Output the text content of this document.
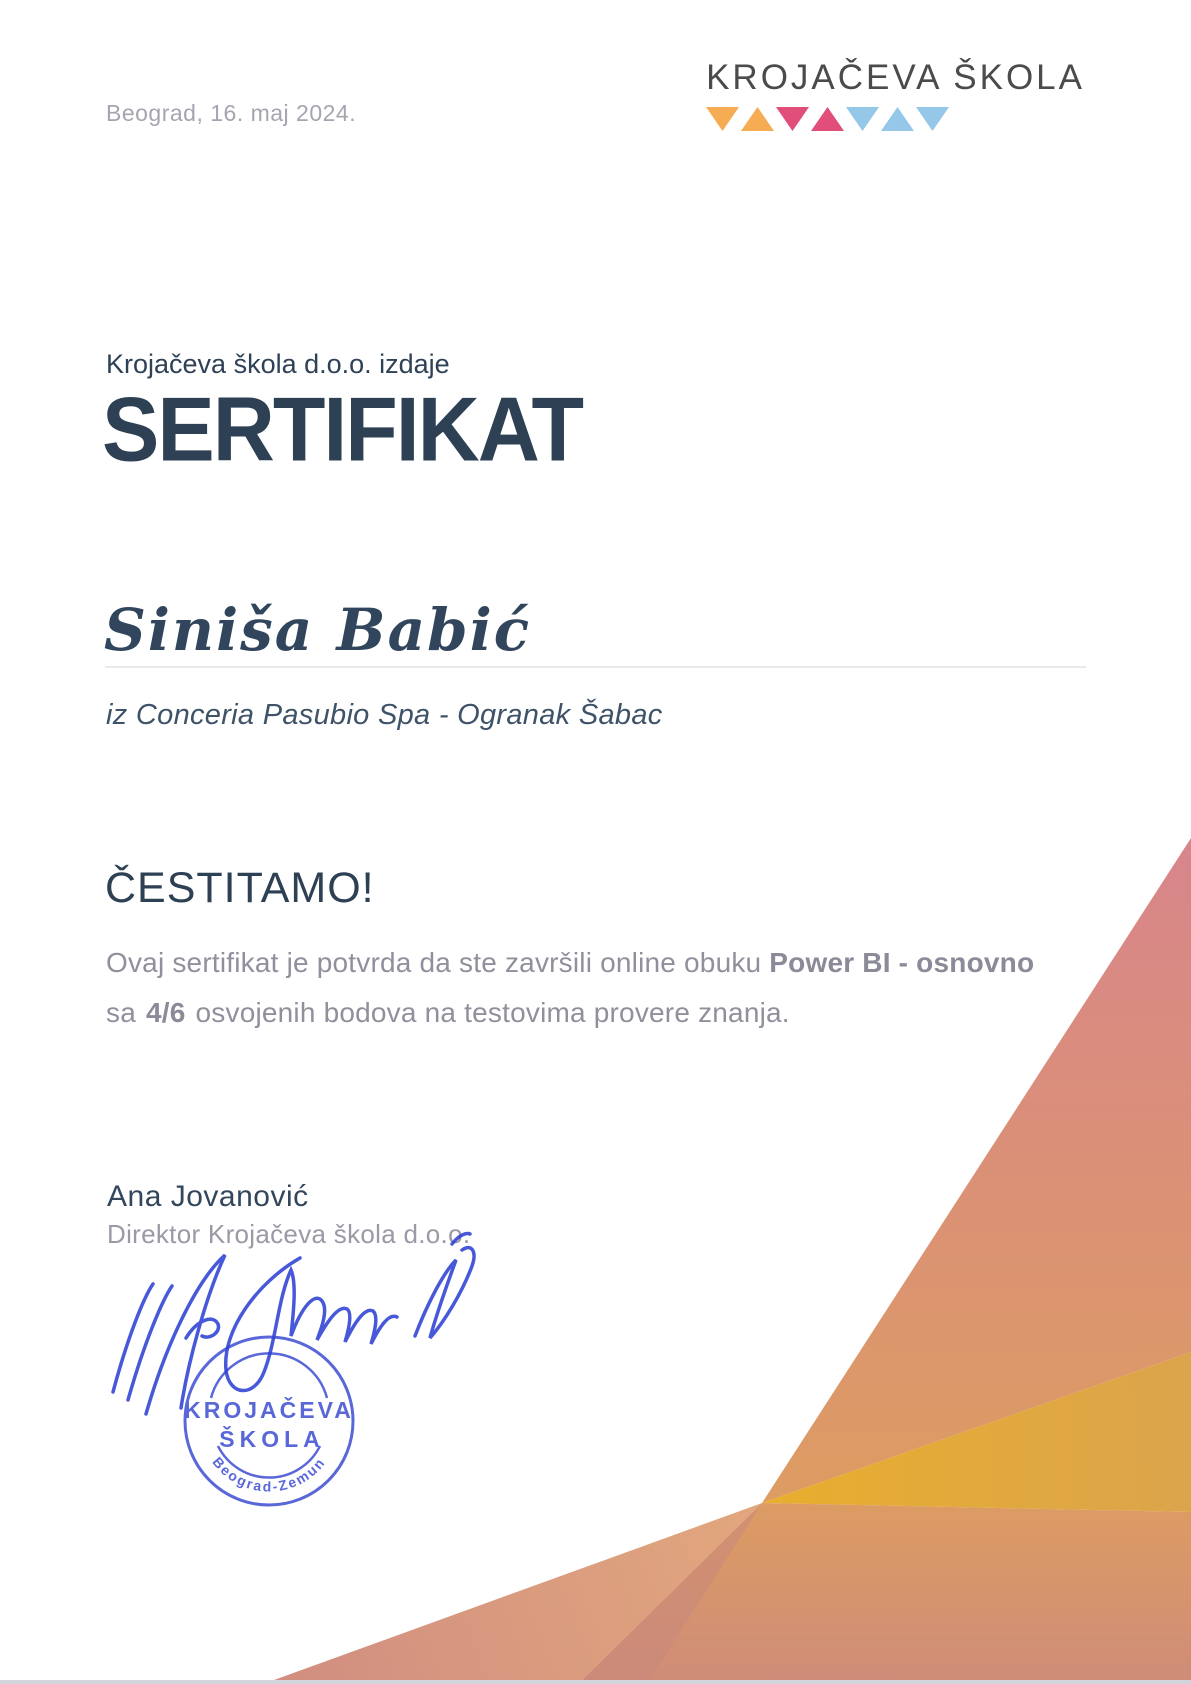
Beograd, 16. maj 2024.
KROJAČEVA ŠKOLA
Krojačeva škola d.o.o. izdaje
SERTIFIKAT
Siniša Babić
iz Conceria Pasubio Spa - Ogranak Šabac
ČESTITAMO!
Ovaj sertifikat je potvrda da ste završili online obuku Power BI - osnovno
sa 4/6 osvojenih bodova na testovima provere znanja.
Ana Jovanović
Direktor Krojačeva škola d.o.o.
KROJAČEVA
ŠKOLA
Beograd-Zemun
